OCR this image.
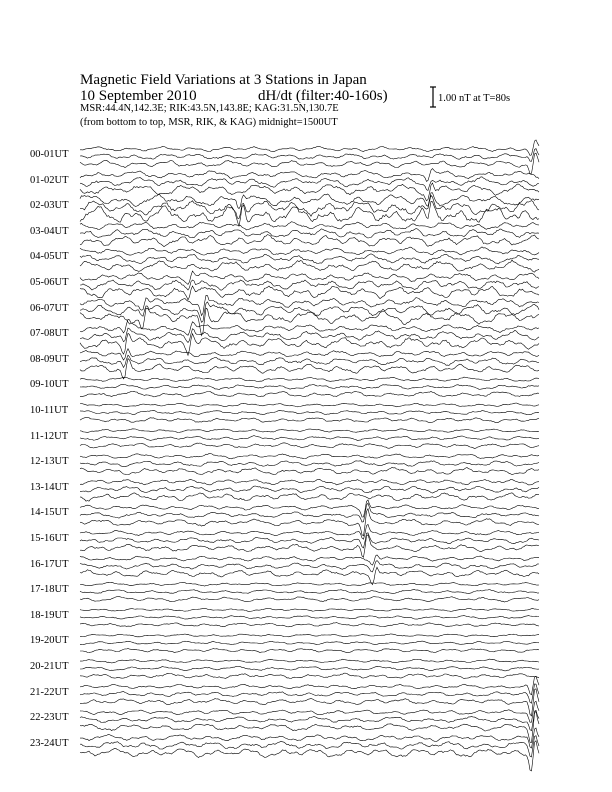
Magnetic Field Variations at 3 Stations in Japan
10 September 2010	dH/dt (filter:40-160s)
MSR:44.4N,142.3E; RIK:43.5N,143.8E; KAG:31.5N,130.7E
(from bottom to top, MSR, RIK, & KAG) midnight=1500UT
1.00 nT at T=80s
00-01UT
01-02UT
02-03UT
03-04UT
04-05UT
05-06UT
06-07UT
07-08UT
08-09UT
09-10UT
10-11UT
11-12UT
12-13UT
13-14UT
14-15UT
15-16UT
16-17UT
17-18UT
18-19UT
19-20UT
20-21UT
21-22UT
22-23UT
23-24UT
